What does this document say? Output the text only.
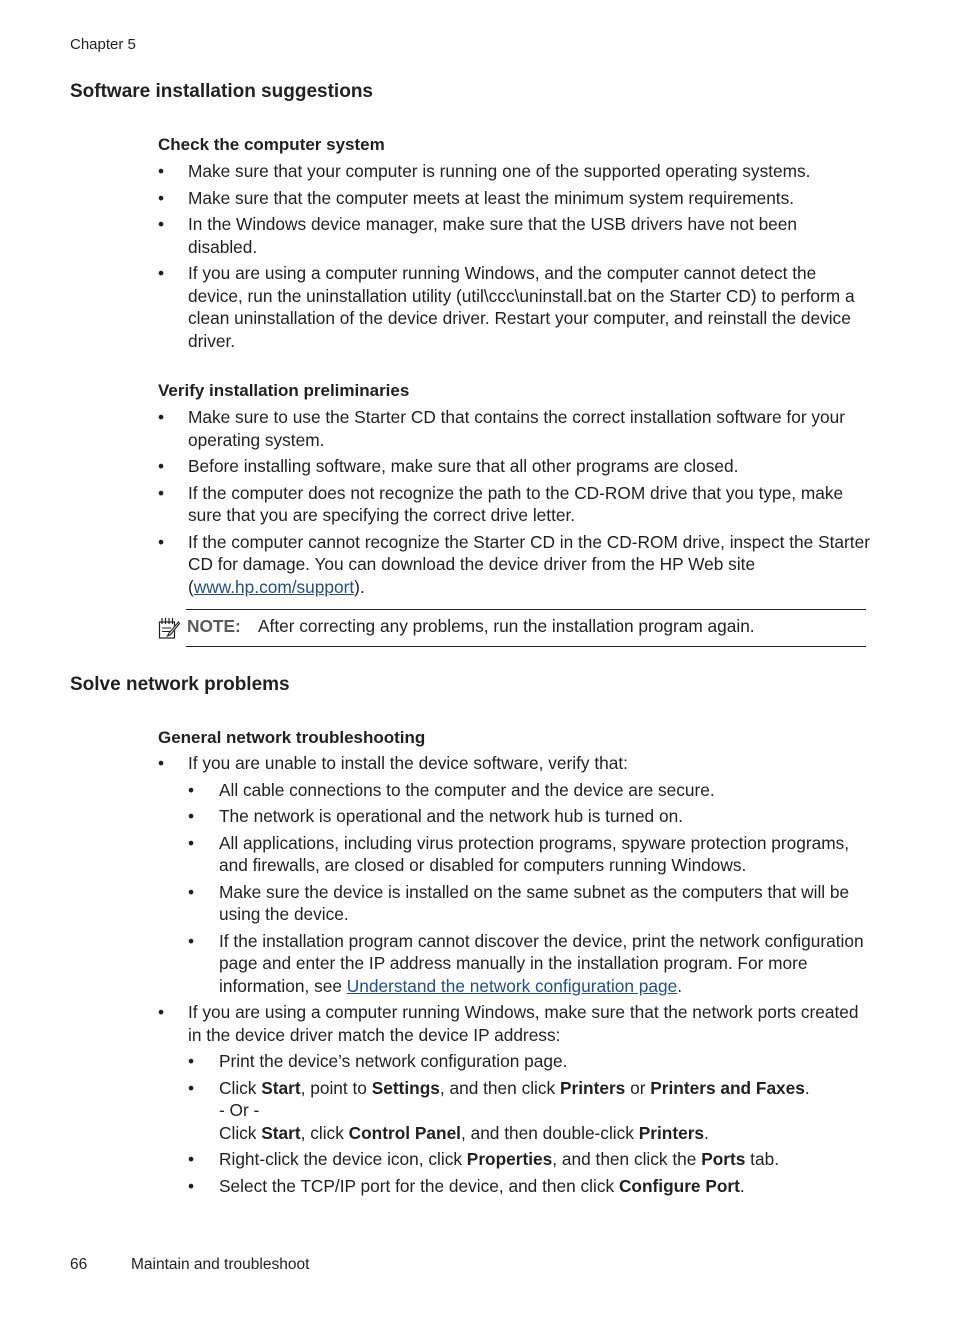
Chapter 5
Software installation suggestions
Check the computer system
• Make sure that your computer is running one of the supported operating systems.
• Make sure that the computer meets at least the minimum system requirements.
• In the Windows device manager, make sure that the USB drivers have not been disabled.
• If you are using a computer running Windows, and the computer cannot detect the device, run the uninstallation utility (util\ccc\uninstall.bat on the Starter CD) to perform a clean uninstallation of the device driver. Restart your computer, and reinstall the device driver.
Verify installation preliminaries
• Make sure to use the Starter CD that contains the correct installation software for your operating system.
• Before installing software, make sure that all other programs are closed.
• If the computer does not recognize the path to the CD-ROM drive that you type, make sure that you are specifying the correct drive letter.
• If the computer cannot recognize the Starter CD in the CD-ROM drive, inspect the Starter CD for damage. You can download the device driver from the HP Web site (www.hp.com/support).
NOTE: After correcting any problems, run the installation program again.
Solve network problems
General network troubleshooting
• If you are unable to install the device software, verify that:
• All cable connections to the computer and the device are secure.
• The network is operational and the network hub is turned on.
• All applications, including virus protection programs, spyware protection programs, and firewalls, are closed or disabled for computers running Windows.
• Make sure the device is installed on the same subnet as the computers that will be using the device.
• If the installation program cannot discover the device, print the network configuration page and enter the IP address manually in the installation program. For more information, see Understand the network configuration page.
• If you are using a computer running Windows, make sure that the network ports created in the device driver match the device IP address:
• Print the device’s network configuration page.
• Click Start, point to Settings, and then click Printers or Printers and Faxes.
- Or -
Click Start, click Control Panel, and then double-click Printers.
• Right-click the device icon, click Properties, and then click the Ports tab.
• Select the TCP/IP port for the device, and then click Configure Port.
66	Maintain and troubleshoot
